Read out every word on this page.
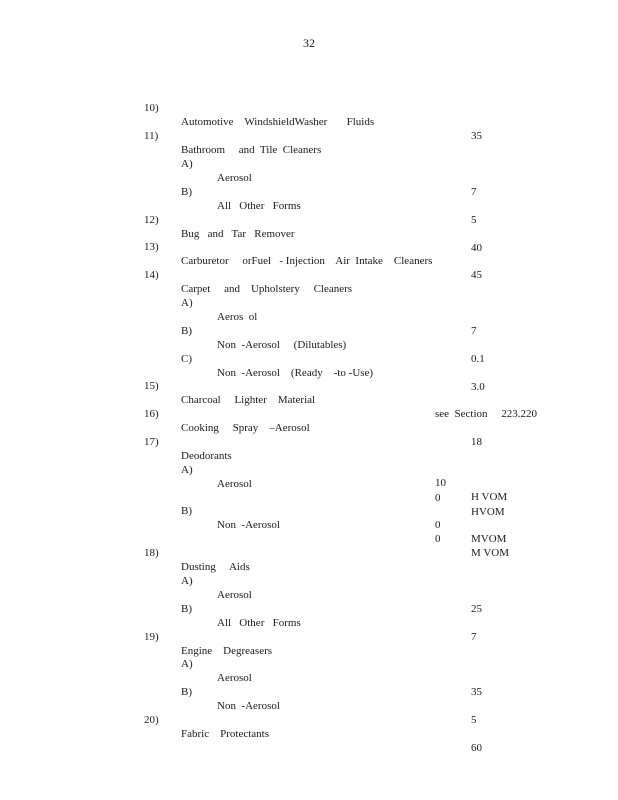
32

10)

Automotive    WindshieldWasher       Fluids

35

11)

Bathroom     and  Tile  Cleaners

A)

Aerosol

7

B)

All   Other   Forms

5

12)

Bug   and   Tar   Remover

40

13)

Carburetor     orFuel   - Injection    Air  Intake    Cleaners

45

14)

Carpet     and    Upholstery     Cleaners

A)

Aeros  ol

7

B)

Non  -Aerosol     (Dilutables)

0.1

C)

Non  -Aerosol    (Ready    -to -Use)

3.0

15)

Charcoal     Lighter    Material

see  Section     223.220

16)

Cooking     Spray    –Aerosol

18

17)

Deodorants

A)

Aerosol

0

HVOM

10

H VOM

B)

Non  -Aerosol

0

M VOM

0

MVOM

18)

Dusting     Aids

A)

Aerosol

25

B)

All   Other   Forms

7

19)

Engine    Degreasers

A)

Aerosol

35

B)

Non  -Aerosol

5

20)

Fabric    Protectants

60
